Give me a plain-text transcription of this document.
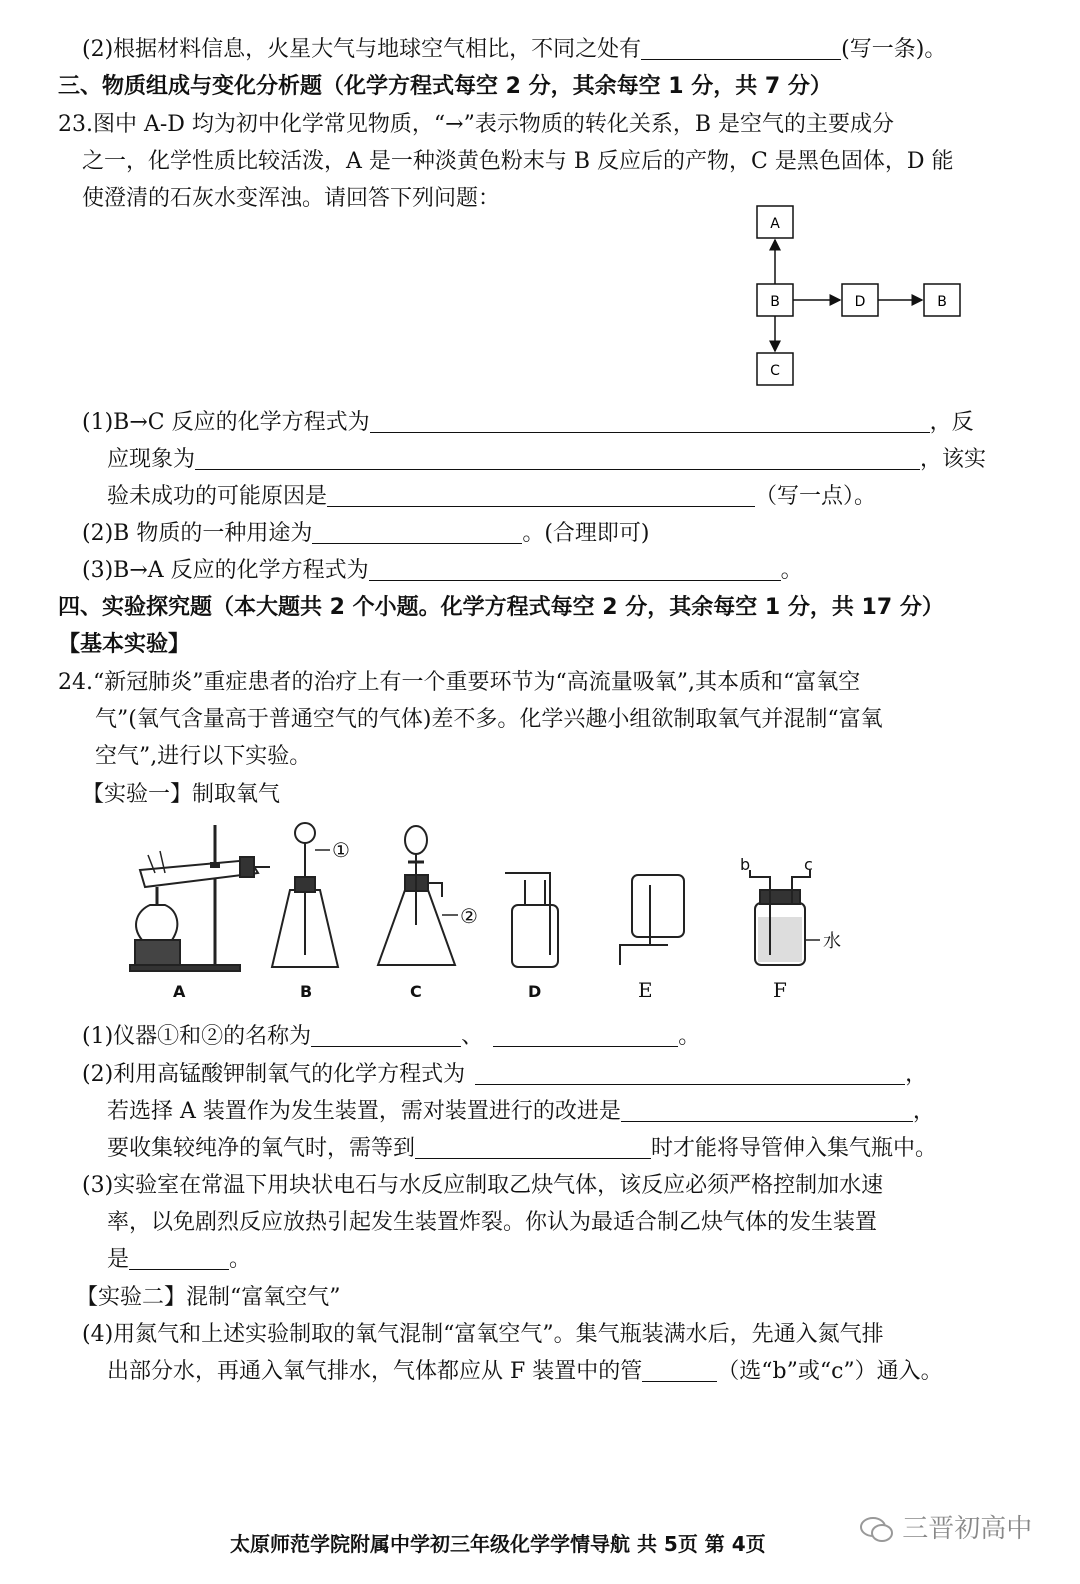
(2)根据材料信息，火星大气与地球空气相比，不同之处有	(写一条)。
三、物质组成与变化分析题（化学方程式每空 2 分，其余每空 1 分，共 7 分）
23.图中 A-D 均为初中化学常见物质，“→”表示物质的转化关系，B 是空气的主要成分
之一，化学性质比较活泼，A 是一种淡黄色粉末与 B 反应后的产物，C 是黑色固体，D 能
使澄清的石灰水变浑浊。请回答下列问题：
A
B	D	B
C
(1)B→C 反应的化学方程式为	，反
应现象为	，该实
验未成功的可能原因是	（写一点）。
(2)B 物质的一种用途为	。(合理即可)
(3)B→A 反应的化学方程式为	。
四、实验探究题（本大题共 2 个小题。化学方程式每空 2 分，其余每空 1 分，共 17 分）
【基本实验】
24.“新冠肺炎”重症患者的治疗上有一个重要环节为“高流量吸氧”,其本质和“富氧空
气”(氧气含量高于普通空气的气体)差不多。化学兴趣小组欲制取氧气并混制“富氧
空气”,进行以下实验。
【实验一】制取氧气
A	B	C	D	E	F
①
②
b	c
水
(1)仪器①和②的名称为	、	。
(2)利用高锰酸钾制氧气的化学方程式为	，
若选择 A 装置作为发生装置，需对装置进行的改进是	，
要收集较纯净的氧气时，需等到	时才能将导管伸入集气瓶中。
(3)实验室在常温下用块状电石与水反应制取乙炔气体，该反应必须严格控制加水速
率，以免剧烈反应放热引起发生装置炸裂。你认为最适合制乙炔气体的发生装置
是	。
【实验二】混制“富氧空气”
(4)用氮气和上述实验制取的氧气混制“富氧空气”。集气瓶装满水后，先通入氮气排
出部分水，再通入氧气排水，气体都应从 F 装置中的管	（选“b”或“c”）通入。
太原师范学院附属中学初三年级化学学情导航 共 5页 第 4页	三晋初高中
